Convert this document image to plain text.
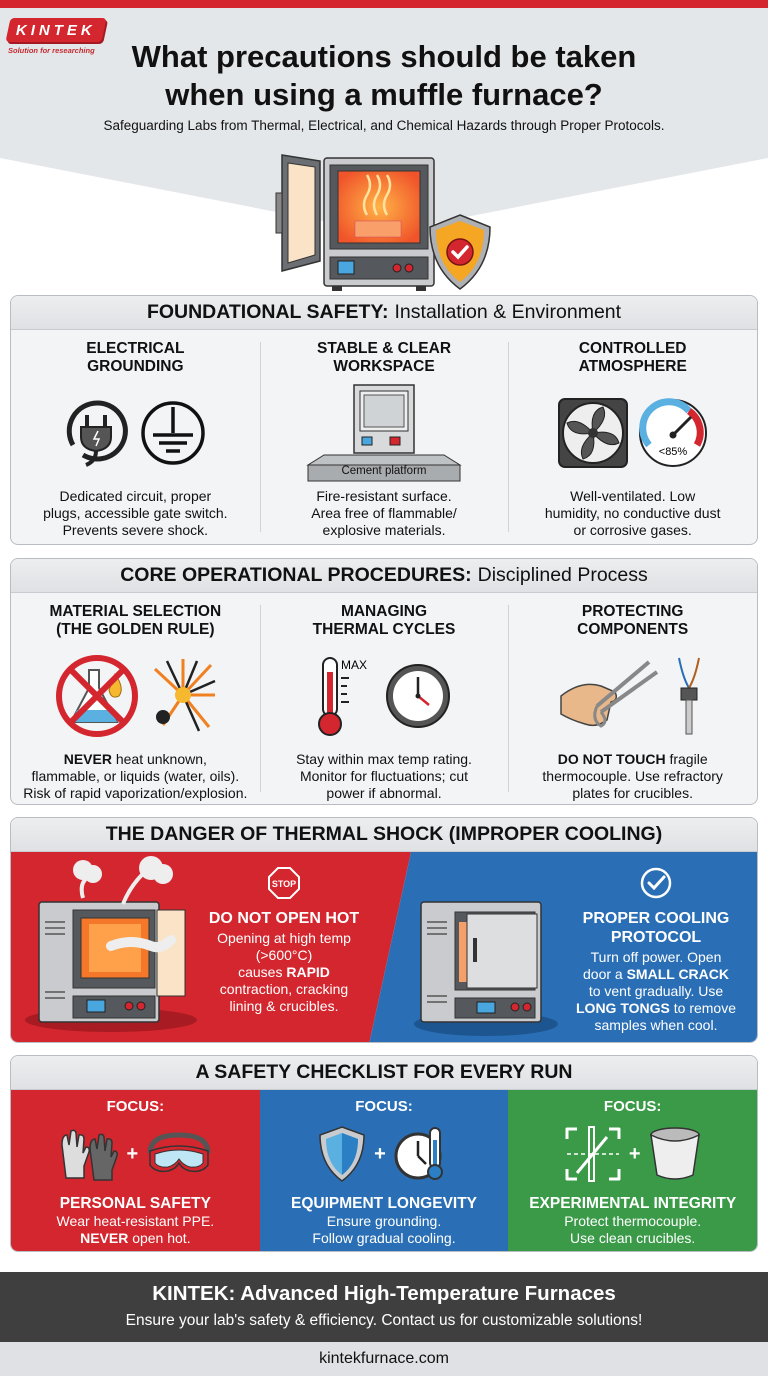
KINTEK
Solution for researching	What precautions should be taken
when using a muffle furnace?
Safeguarding Labs from Thermal, Electrical, and Chemical Hazards through Proper Protocols.
FOUNDATIONAL SAFETY: Installation & Environment
ELECTRICAL
GROUNDING
Dedicated circuit, proper
plugs, accessible gate switch.
Prevents severe shock.
STABLE & CLEAR
WORKSPACE
Cement platform
Fire-resistant surface.
Area free of flammable/
explosive materials.
CONTROLLED
ATMOSPHERE
<85%
Well-ventilated. Low
humidity, no conductive dust
or corrosive gases.
CORE OPERATIONAL PROCEDURES: Disciplined Process
MATERIAL SELECTION
(THE GOLDEN RULE)
NEVER heat unknown,
flammable, or liquids (water, oils).
Risk of rapid vaporization/explosion.
MANAGING
THERMAL CYCLES
MAX
Stay within max temp rating.
Monitor for fluctuations; cut
power if abnormal.
PROTECTING
COMPONENTS
DO NOT TOUCH fragile
thermocouple. Use refractory
plates for crucibles.
THE DANGER OF THERMAL SHOCK (IMPROPER COOLING)
STOP
DO NOT OPEN HOT
Opening at high temp
(>600°C)
causes RAPID
contraction, cracking
lining & crucibles.
PROPER COOLING
PROTOCOL
Turn off power. Open
door a SMALL CRACK
to vent gradually. Use
LONG TONGS to remove
samples when cool.
A SAFETY CHECKLIST FOR EVERY RUN
FOCUS:
+
PERSONAL SAFETY
Wear heat-resistant PPE.
NEVER open hot.
FOCUS:
+
EQUIPMENT LONGEVITY
Ensure grounding.
Follow gradual cooling.
FOCUS:
+
EXPERIMENTAL INTEGRITY
Protect thermocouple.
Use clean crucibles.
KINTEK: Advanced High-Temperature Furnaces
Ensure your lab's safety & efficiency. Contact us for customizable solutions!
kintekfurnace.com
